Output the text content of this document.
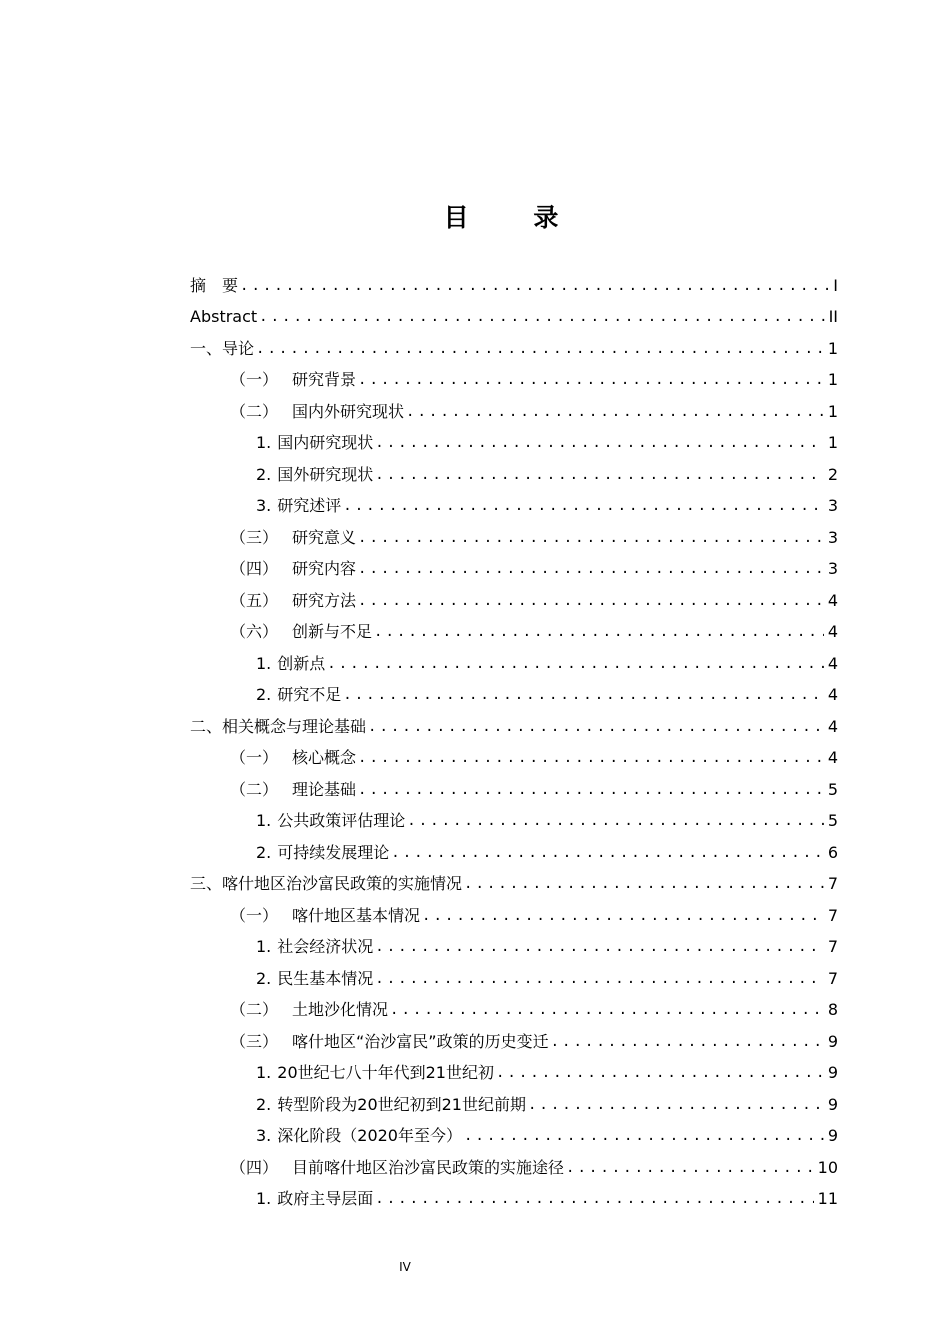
目 录
摘　要 .....	I
Abstract .....	II
一、导论 .....	1
（一） 研究背景 .....	1
（二） 国内外研究现状 .....	1
1. 国内研究现状 .....	1
2. 国外研究现状 .....	2
3. 研究述评 .....	3
（三） 研究意义 .....	3
（四） 研究内容 .....	3
（五） 研究方法 .....	4
（六） 创新与不足 .....	4
1. 创新点 .....	4
2. 研究不足 .....	4
二、相关概念与理论基础 .....	4
（一） 核心概念 .....	4
（二） 理论基础 .....	5
1. 公共政策评估理论 .....	5
2. 可持续发展理论 .....	6
三、喀什地区治沙富民政策的实施情况 .....	7
（一） 喀什地区基本情况 .....	7
1. 社会经济状况 .....	7
2. 民生基本情况 .....	7
（二） 土地沙化情况 .....	8
（三） 喀什地区“治沙富民”政策的历史变迁 .....	9
1. 20世纪七八十年代到21世纪初 .....	9
2. 转型阶段为20世纪初到21世纪前期 .....	9
3. 深化阶段（2020年至今） .....	9
（四） 目前喀什地区治沙富民政策的实施途径 .....	10
1. 政府主导层面 .....	11
IV
